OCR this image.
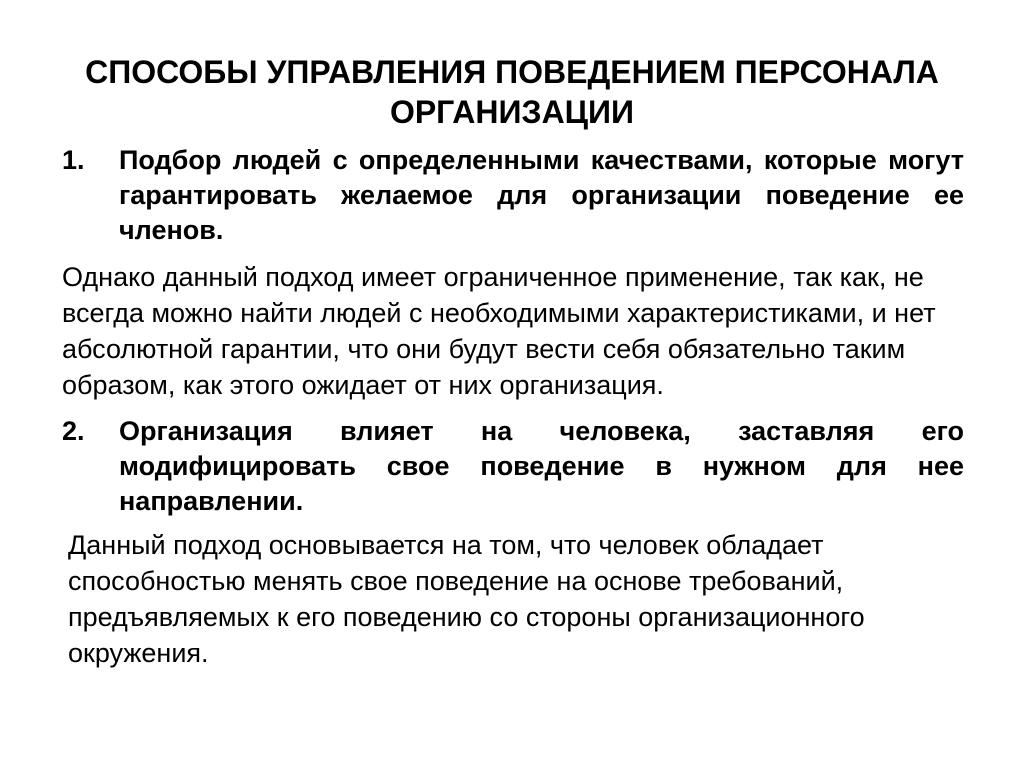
СПОСОБЫ УПРАВЛЕНИЯ ПОВЕДЕНИЕМ ПЕРСОНАЛА ОРГАНИЗАЦИИ
1.	Подбор людей с определенными качествами, которые могут гарантировать желаемое для организации поведение ее членов.
Однако данный подход имеет ограниченное применение, так как, не всегда можно найти людей с необходимыми характеристиками, и нет абсолютной гарантии, что они будут вести себя обязательно таким образом, как этого ожидает от них организация.
2.	Организация влияет на человека, заставляя его модифицировать свое поведение в нужном для нее направлении.
Данный подход основывается на том, что человек обладает способностью менять свое поведение на основе требований, предъявляемых к его поведению со стороны организационного окружения.
